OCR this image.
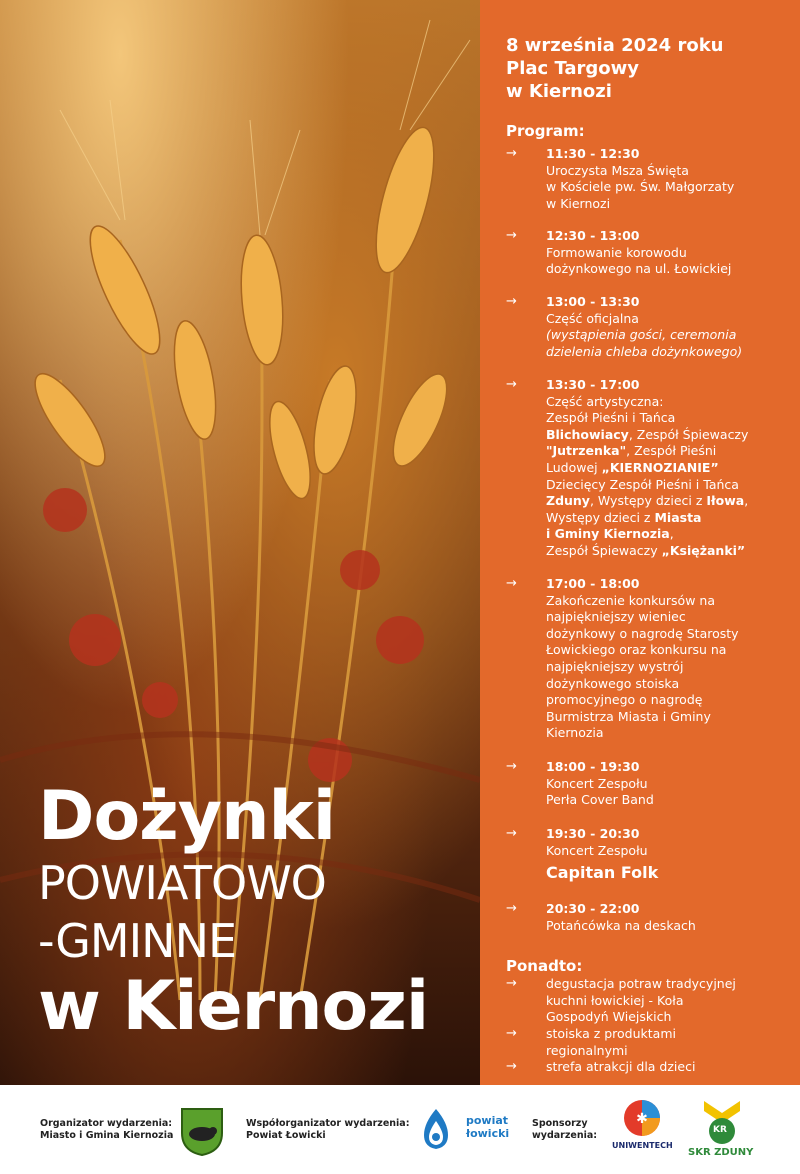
Dożynki
POWIATOWO
-GMINNE
w Kiernozi
8 września 2024 roku
Plac Targowy
w Kiernozi
Program:
→ 11:30 - 12:30
Uroczysta Msza Święta
w Kościele pw. Św. Małgorzaty
w Kiernozi
→ 12:30 - 13:00
Formowanie korowodu
dożynkowego na ul. Łowickiej
→ 13:00 - 13:30
Część oficjalna
(wystąpienia gości, ceremonia
dzielenia chleba dożynkowego)
→ 13:30 - 17:00
Część artystyczna:
Zespół Pieśni i Tańca
Blichowiacy, Zespół Śpiewaczy
"Jutrzenka", Zespół Pieśni
Ludowej „KIERNOZIANIE”
Dziecięcy Zespół Pieśni i Tańca
Zduny, Występy dzieci z Iłowa,
Występy dzieci z Miasta
i Gminy Kiernozia,
Zespół Śpiewaczy „Księżanki”
→ 17:00 - 18:00
Zakończenie konkursów na
najpiękniejszy wieniec
dożynkowy o nagrodę Starosty
Łowickiego oraz konkursu na
najpiękniejszy wystrój
dożynkowego stoiska
promocyjnego o nagrodę
Burmistrza Miasta i Gminy
Kiernozia
→ 18:00 - 19:30
Koncert Zespołu
Perła Cover Band
→ 19:30 - 20:30
Koncert Zespołu
Capitan Folk
→ 20:30 - 22:00
Potańcówka na deskach
Ponadto:
→ degustacja potraw tradycyjnej
kuchni łowickiej - Koła
Gospodyń Wiejskich
→ stoiska z produktami
regionalnymi
→ strefa atrakcji dla dzieci
Organizator wydarzenia:
Miasto i Gmina Kiernozia
Współorganizator wydarzenia:
Powiat Łowicki
powiat
łowicki
Sponsorzy
wydarzenia:
✱
UNIWENTECH
KR
SKR ZDUNY
